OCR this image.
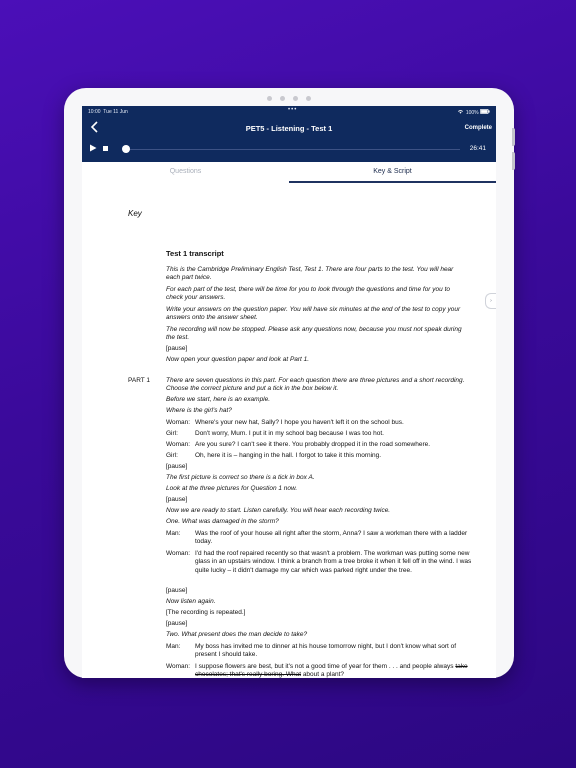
10:00 Tue 11 Jun	•••	100%
PET5 - Listening - Test 1	Complete
26:41
Questions	Key & Script
›
Key
Test 1 transcript
This is the Cambridge Preliminary English Test, Test 1. There are four parts to the test. You will hear each part twice.
For each part of the test, there will be time for you to look through the questions and time for you to check your answers.
Write your answers on the question paper. You will have six minutes at the end of the test to copy your answers onto the answer sheet.
The recording will now be stopped. Please ask any questions now, because you must not speak during the test.
[pause]
Now open your question paper and look at Part 1.
PART 1 There are seven questions in this part. For each question there are three pictures and a short recording. Choose the correct picture and put a tick in the box below it.
Before we start, here is an example.
Where is the girl's hat?
Woman: Where's your new hat, Sally? I hope you haven't left it on the school bus.
Girl:	Don't worry, Mum. I put it in my school bag because I was too hot.
Woman: Are you sure? I can't see it there. You probably dropped it in the road somewhere.
Girl:	Oh, here it is – hanging in the hall. I forgot to take it this morning.
[pause]
The first picture is correct so there is a tick in box A.
Look at the three pictures for Question 1 now.
[pause]
Now we are ready to start. Listen carefully. You will hear each recording twice.
One. What was damaged in the storm?
Man: Was the roof of your house all right after the storm, Anna? I saw a workman there with a ladder today.
Woman: I'd had the roof repaired recently so that wasn't a problem. The workman was putting some new glass in an upstairs window. I think a branch from a tree broke it when it fell off in the wind. I was quite lucky – it didn't damage my car which was parked right under the tree.
[pause]
Now listen again.
[The recording is repeated.]
[pause]
Two. What present does the man decide to take?
Man: My boss has invited me to dinner at his house tomorrow night, but I don't know what sort of present I should take.
Woman: I suppose flowers are best, but it's not a good time of year for them . . . and people always take chocolates; that's really boring. What about a plant?
